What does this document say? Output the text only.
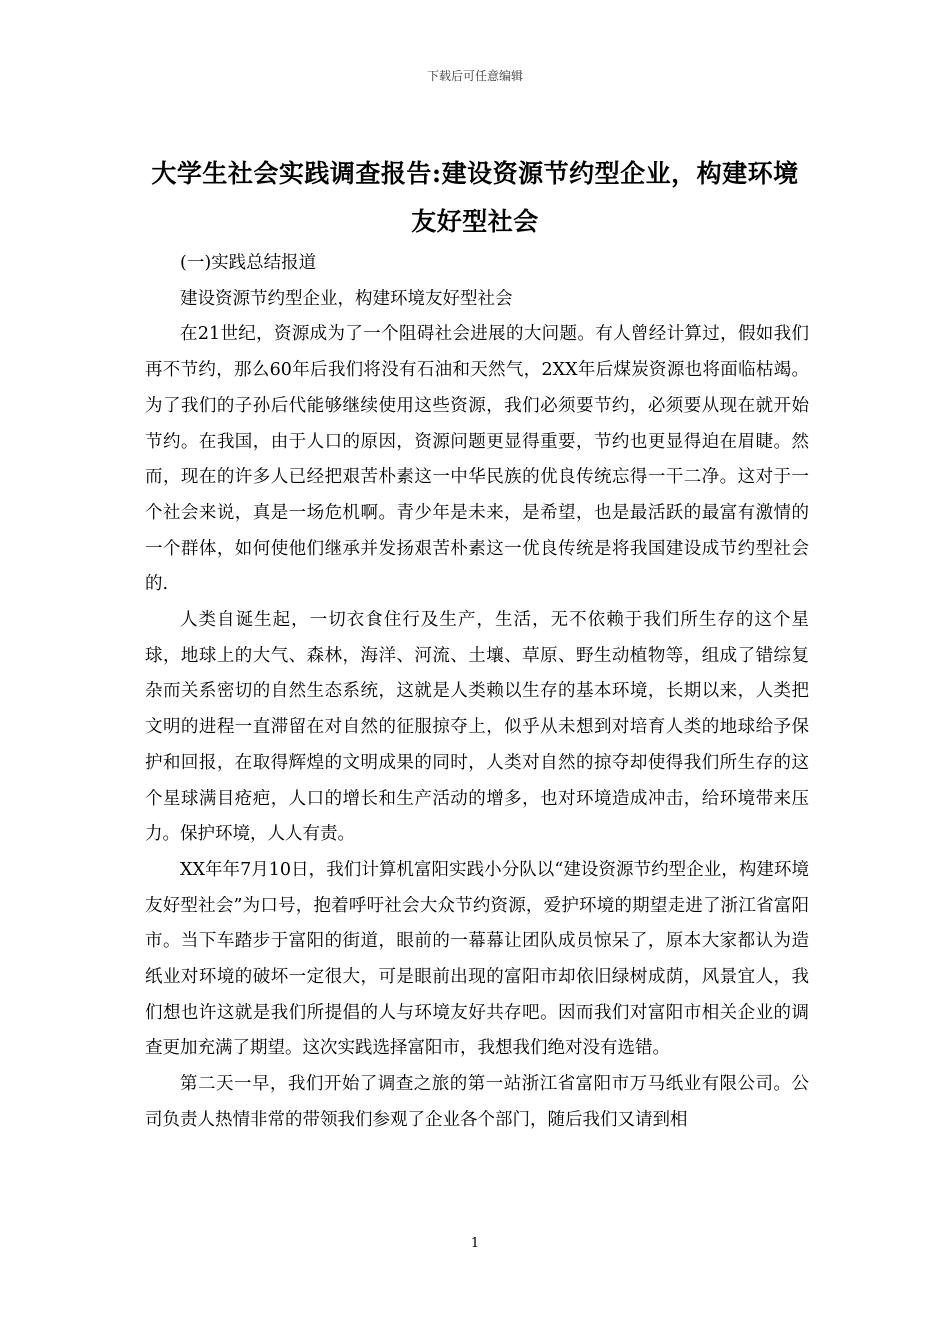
下载后可任意编辑
大学生社会实践调查报告:建设资源节约型企业，构建环境友好型社会

(一)实践总结报道

建设资源节约型企业，构建环境友好型社会

在21世纪，资源成为了一个阻碍社会进展的大问题。有人曾经计算过，假如我们再不节约，那么60年后我们将没有石油和天然气，2XX年后煤炭资源也将面临枯竭。为了我们的子孙后代能够继续使用这些资源，我们必须要节约，必须要从现在就开始节约。在我国，由于人口的原因，资源问题更显得重要，节约也更显得迫在眉睫。然而，现在的许多人已经把艰苦朴素这一中华民族的优良传统忘得一干二净。这对于一个社会来说，真是一场危机啊。青少年是未来，是希望，也是最活跃的最富有激情的一个群体，如何使他们继承并发扬艰苦朴素这一优良传统是将我国建设成节约型社会的.

人类自诞生起，一切衣食住行及生产，生活，无不依赖于我们所生存的这个星球，地球上的大气、森林，海洋、河流、土壤、草原、野生动植物等，组成了错综复杂而关系密切的自然生态系统，这就是人类赖以生存的基本环境，长期以来，人类把文明的进程一直滞留在对自然的征服掠夺上，似乎从未想到对培育人类的地球给予保护和回报，在取得辉煌的文明成果的同时，人类对自然的掠夺却使得我们所生存的这个星球满目疮疤，人口的增长和生产活动的增多，也对环境造成冲击，给环境带来压力。保护环境，人人有责。

XX年年7月10日，我们计算机富阳实践小分队以“建设资源节约型企业，构建环境友好型社会”为口号，抱着呼吁社会大众节约资源，爱护环境的期望走进了浙江省富阳市。当下车踏步于富阳的街道，眼前的一幕幕让团队成员惊呆了，原本大家都认为造纸业对环境的破坏一定很大，可是眼前出现的富阳市却依旧绿树成荫，风景宜人，我们想也许这就是我们所提倡的人与环境友好共存吧。因而我们对富阳市相关企业的调查更加充满了期望。这次实践选择富阳市，我想我们绝对没有选错。

第二天一早，我们开始了调查之旅的第一站浙江省富阳市万马纸业有限公司。公司负责人热情非常的带领我们参观了企业各个部门，随后我们又请到相

1
